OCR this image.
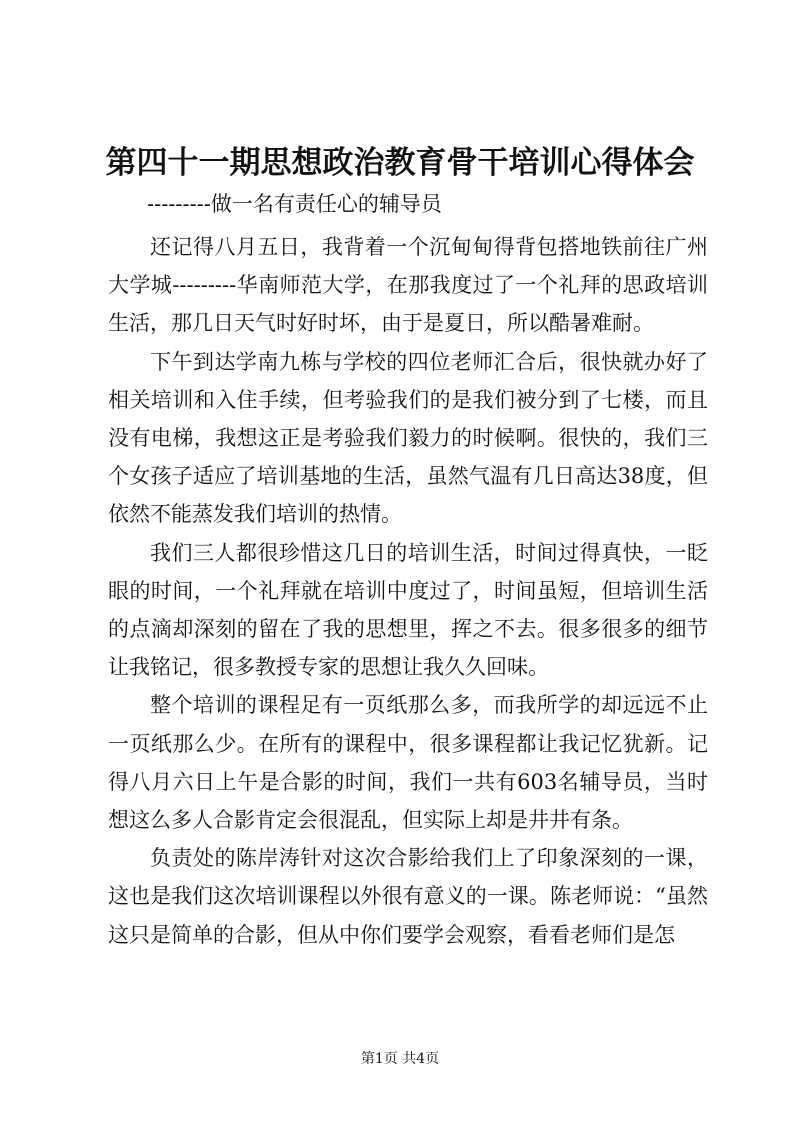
第四十一期思想政治教育骨干培训心得体会
---------做一名有责任心的辅导员

还记得八月五日，我背着一个沉甸甸得背包搭地铁前往广州大学城---------华南师范大学，在那我度过了一个礼拜的思政培训生活，那几日天气时好时坏，由于是夏日，所以酷暑难耐。

下午到达学南九栋与学校的四位老师汇合后，很快就办好了相关培训和入住手续，但考验我们的是我们被分到了七楼，而且没有电梯，我想这正是考验我们毅力的时候啊。很快的，我们三个女孩子适应了培训基地的生活，虽然气温有几日高达38度，但依然不能蒸发我们培训的热情。

我们三人都很珍惜这几日的培训生活，时间过得真快，一眨眼的时间，一个礼拜就在培训中度过了，时间虽短，但培训生活的点滴却深刻的留在了我的思想里，挥之不去。很多很多的细节让我铭记，很多教授专家的思想让我久久回味。

整个培训的课程足有一页纸那么多，而我所学的却远远不止一页纸那么少。在所有的课程中，很多课程都让我记忆犹新。记得八月六日上午是合影的时间，我们一共有603名辅导员，当时想这么多人合影肯定会很混乱，但实际上却是井井有条。

负责处的陈岸涛针对这次合影给我们上了印象深刻的一课，这也是我们这次培训课程以外很有意义的一课。陈老师说：“虽然这只是简单的合影，但从中你们要学会观察，看看老师们是怎

第1页 共4页
